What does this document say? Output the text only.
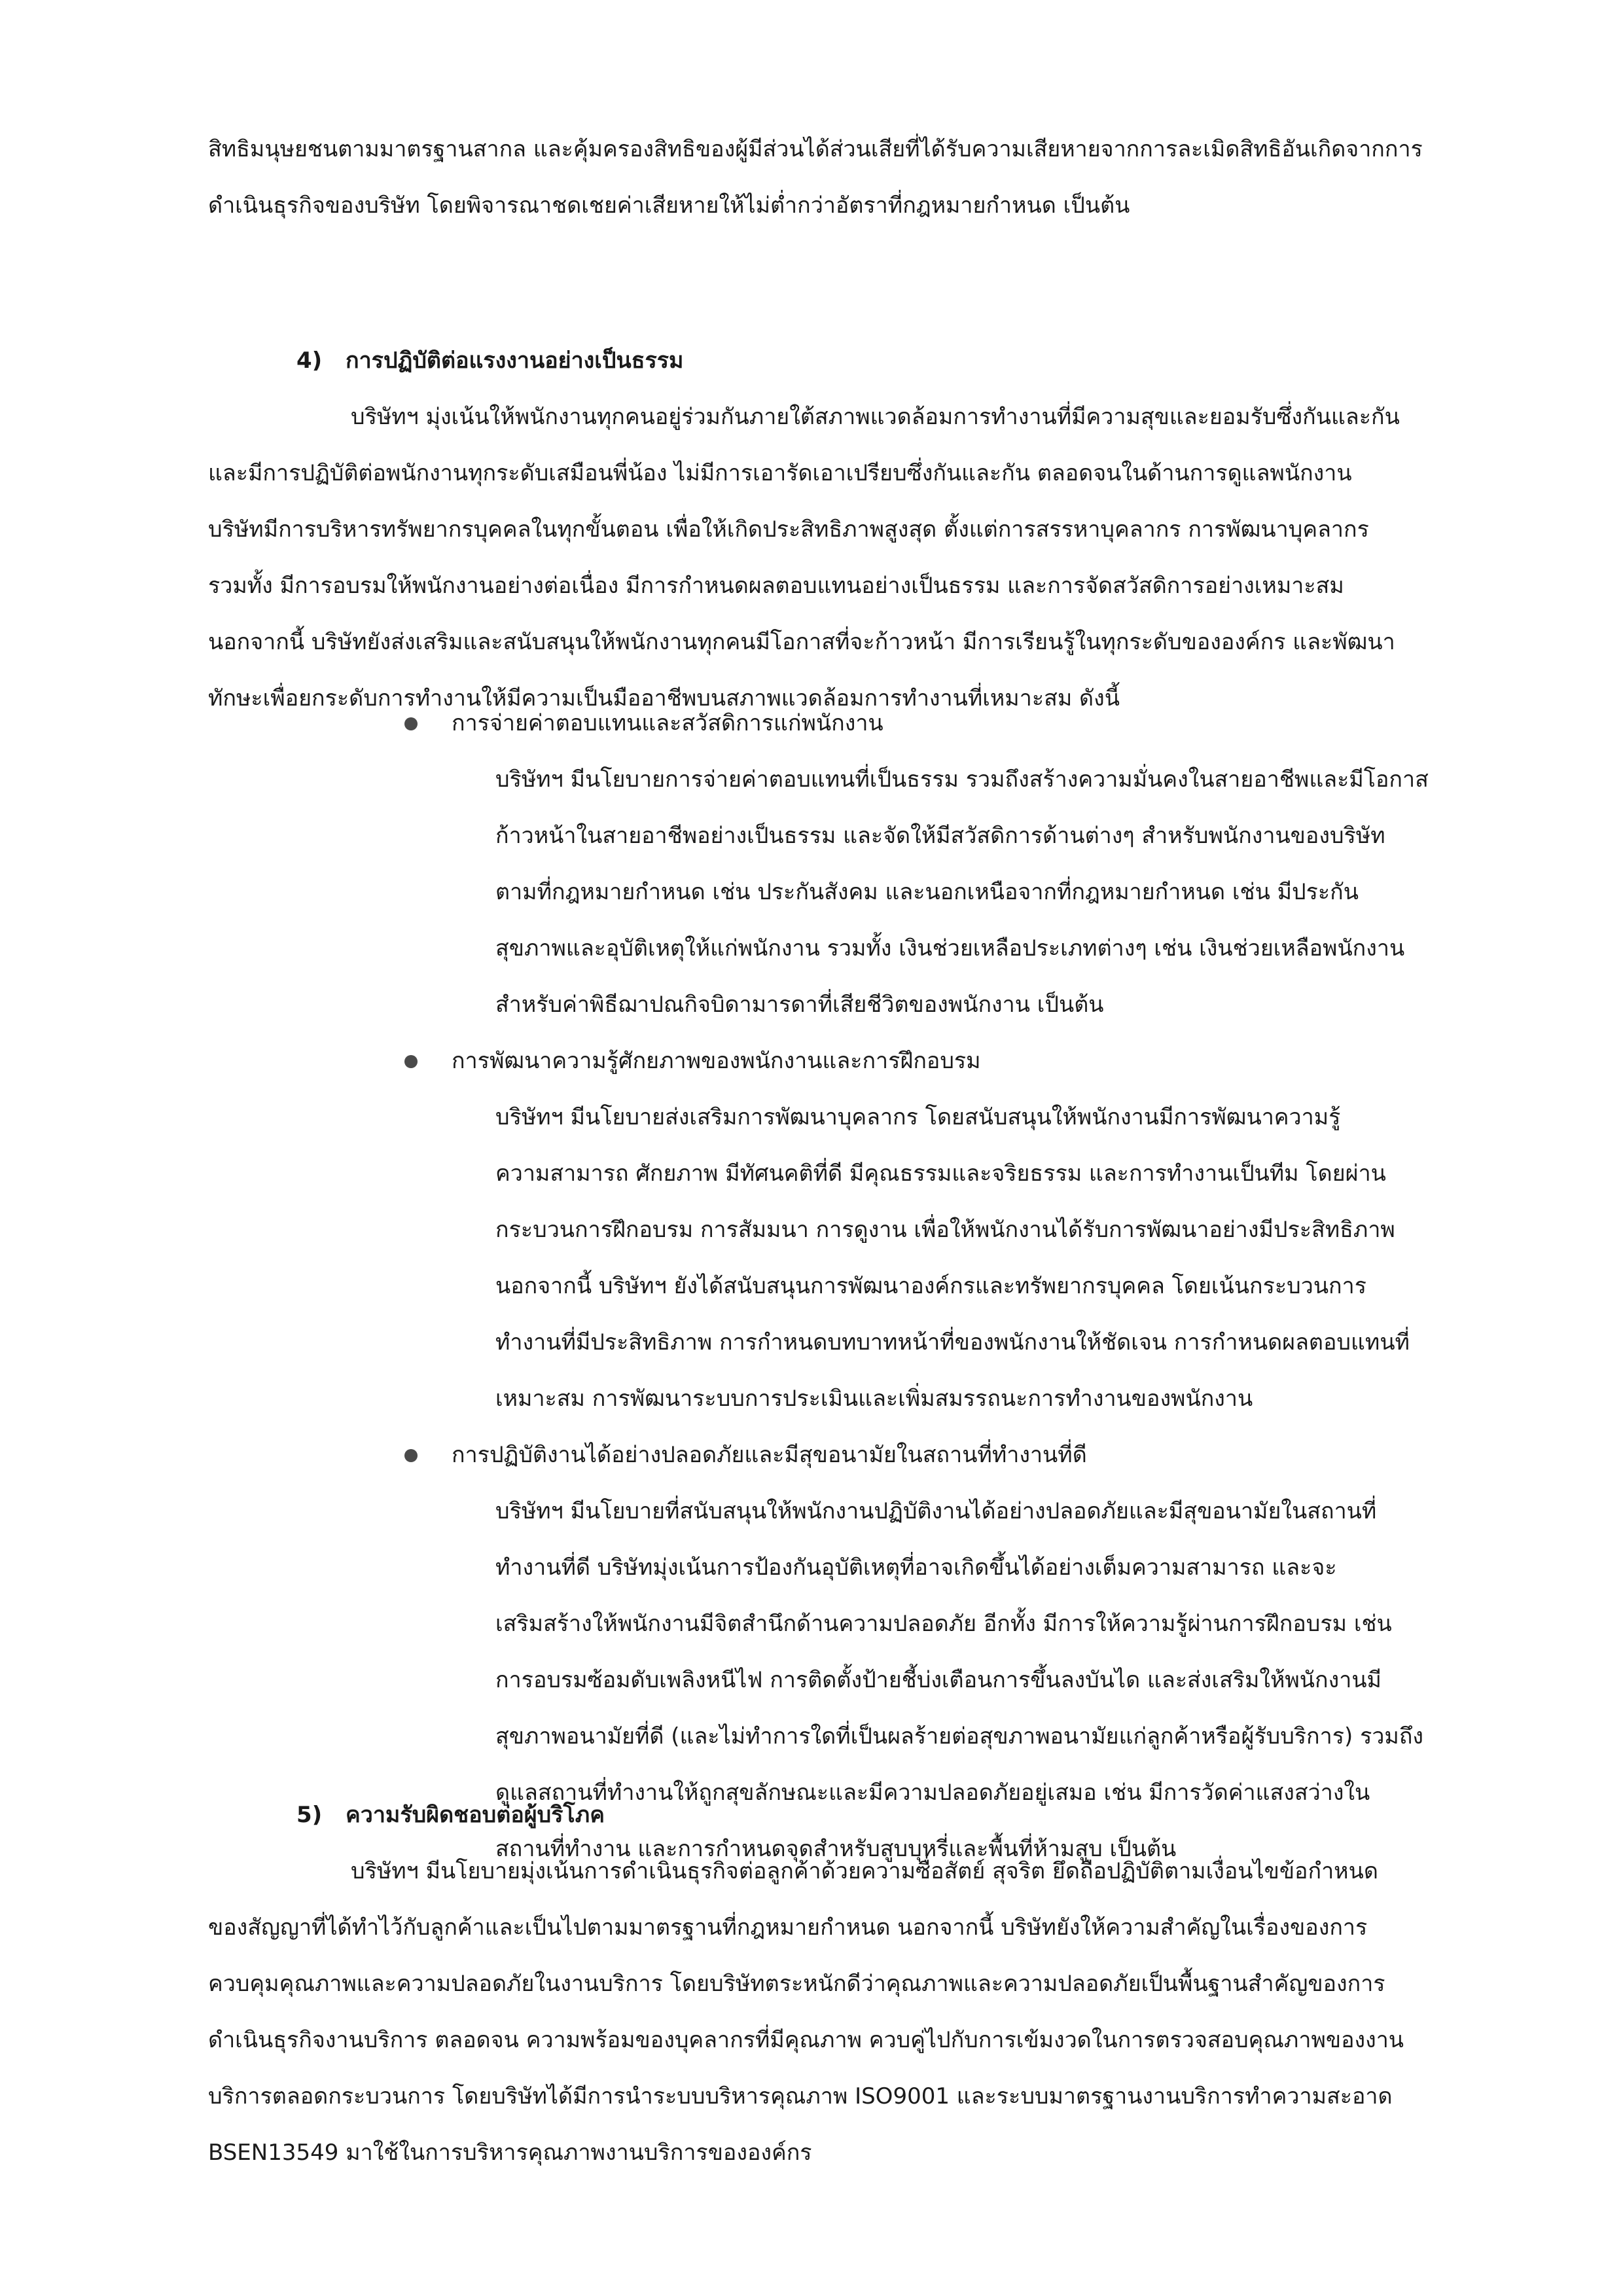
สิทธิมนุษยชนตามมาตรฐานสากล และคุ้มครองสิทธิของผู้มีส่วนได้ส่วนเสียที่ได้รับความเสียหายจากการละเมิดสิทธิอันเกิดจากการ
ดำเนินธุรกิจของบริษัท โดยพิจารณาชดเชยค่าเสียหายให้ไม่ต่ำกว่าอัตราที่กฎหมายกำหนด เป็นต้น
4) การปฏิบัติต่อแรงงานอย่างเป็นธรรม
บริษัทฯ มุ่งเน้นให้พนักงานทุกคนอยู่ร่วมกันภายใต้สภาพแวดล้อมการทำงานที่มีความสุขและยอมรับซึ่งกันและกัน
และมีการปฏิบัติต่อพนักงานทุกระดับเสมือนพี่น้อง ไม่มีการเอารัดเอาเปรียบซึ่งกันและกัน ตลอดจนในด้านการดูแลพนักงาน
บริษัทมีการบริหารทรัพยากรบุคคลในทุกขั้นตอน เพื่อให้เกิดประสิทธิภาพสูงสุด ตั้งแต่การสรรหาบุคลากร การพัฒนาบุคลากร
รวมทั้ง มีการอบรมให้พนักงานอย่างต่อเนื่อง มีการกำหนดผลตอบแทนอย่างเป็นธรรม และการจัดสวัสดิการอย่างเหมาะสม
นอกจากนี้ บริษัทยังส่งเสริมและสนับสนุนให้พนักงานทุกคนมีโอกาสที่จะก้าวหน้า มีการเรียนรู้ในทุกระดับขององค์กร และพัฒนา
ทักษะเพื่อยกระดับการทำงานให้มีความเป็นมืออาชีพบนสภาพแวดล้อมการทำงานที่เหมาะสม ดังนี้
การจ่ายค่าตอบแทนและสวัสดิการแก่พนักงาน
บริษัทฯ มีนโยบายการจ่ายค่าตอบแทนที่เป็นธรรม รวมถึงสร้างความมั่นคงในสายอาชีพและมีโอกาส
ก้าวหน้าในสายอาชีพอย่างเป็นธรรม และจัดให้มีสวัสดิการด้านต่างๆ สำหรับพนักงานของบริษัท
ตามที่กฎหมายกำหนด เช่น ประกันสังคม และนอกเหนือจากที่กฎหมายกำหนด เช่น มีประกัน
สุขภาพและอุบัติเหตุให้แก่พนักงาน รวมทั้ง เงินช่วยเหลือประเภทต่างๆ เช่น เงินช่วยเหลือพนักงาน
สำหรับค่าพิธีฌาปณกิจบิดามารดาที่เสียชีวิตของพนักงาน เป็นต้น
การพัฒนาความรู้ศักยภาพของพนักงานและการฝึกอบรม
บริษัทฯ มีนโยบายส่งเสริมการพัฒนาบุคลากร โดยสนับสนุนให้พนักงานมีการพัฒนาความรู้
ความสามารถ ศักยภาพ มีทัศนคติที่ดี มีคุณธรรมและจริยธรรม และการทำงานเป็นทีม โดยผ่าน
กระบวนการฝึกอบรม การสัมมนา การดูงาน เพื่อให้พนักงานได้รับการพัฒนาอย่างมีประสิทธิภาพ
นอกจากนี้ บริษัทฯ ยังได้สนับสนุนการพัฒนาองค์กรและทรัพยากรบุคคล โดยเน้นกระบวนการ
ทำงานที่มีประสิทธิภาพ การกำหนดบทบาทหน้าที่ของพนักงานให้ชัดเจน การกำหนดผลตอบแทนที่
เหมาะสม การพัฒนาระบบการประเมินและเพิ่มสมรรถนะการทำงานของพนักงาน
การปฏิบัติงานได้อย่างปลอดภัยและมีสุขอนามัยในสถานที่ทำงานที่ดี
บริษัทฯ มีนโยบายที่สนับสนุนให้พนักงานปฏิบัติงานได้อย่างปลอดภัยและมีสุขอนามัยในสถานที่
ทำงานที่ดี บริษัทมุ่งเน้นการป้องกันอุบัติเหตุที่อาจเกิดขึ้นได้อย่างเต็มความสามารถ และจะ
เสริมสร้างให้พนักงานมีจิตสำนึกด้านความปลอดภัย อีกทั้ง มีการให้ความรู้ผ่านการฝึกอบรม เช่น
การอบรมซ้อมดับเพลิงหนีไฟ การติดตั้งป้ายชี้บ่งเตือนการขึ้นลงบันได และส่งเสริมให้พนักงานมี
สุขภาพอนามัยที่ดี (และไม่ทำการใดที่เป็นผลร้ายต่อสุขภาพอนามัยแก่ลูกค้าหรือผู้รับบริการ) รวมถึง
ดูแลสถานที่ทำงานให้ถูกสุขลักษณะและมีความปลอดภัยอยู่เสมอ เช่น มีการวัดค่าแสงสว่างใน
สถานที่ทำงาน และการกำหนดจุดสำหรับสูบบุหรี่และพื้นที่ห้ามสูบ เป็นต้น
5) ความรับผิดชอบต่อผู้บริโภค
บริษัทฯ มีนโยบายมุ่งเน้นการดำเนินธุรกิจต่อลูกค้าด้วยความซื่อสัตย์ สุจริต ยึดถือปฏิบัติตามเงื่อนไขข้อกำหนด
ของสัญญาที่ได้ทำไว้กับลูกค้าและเป็นไปตามมาตรฐานที่กฎหมายกำหนด นอกจากนี้ บริษัทยังให้ความสำคัญในเรื่องของการ
ควบคุมคุณภาพและความปลอดภัยในงานบริการ โดยบริษัทตระหนักดีว่าคุณภาพและความปลอดภัยเป็นพื้นฐานสำคัญของการ
ดำเนินธุรกิจงานบริการ ตลอดจน ความพร้อมของบุคลากรที่มีคุณภาพ ควบคู่ไปกับการเข้มงวดในการตรวจสอบคุณภาพของงาน
บริการตลอดกระบวนการ โดยบริษัทได้มีการนำระบบบริหารคุณภาพ ISO9001 และระบบมาตรฐานงานบริการทำความสะอาด
BSEN13549 มาใช้ในการบริหารคุณภาพงานบริการขององค์กร
